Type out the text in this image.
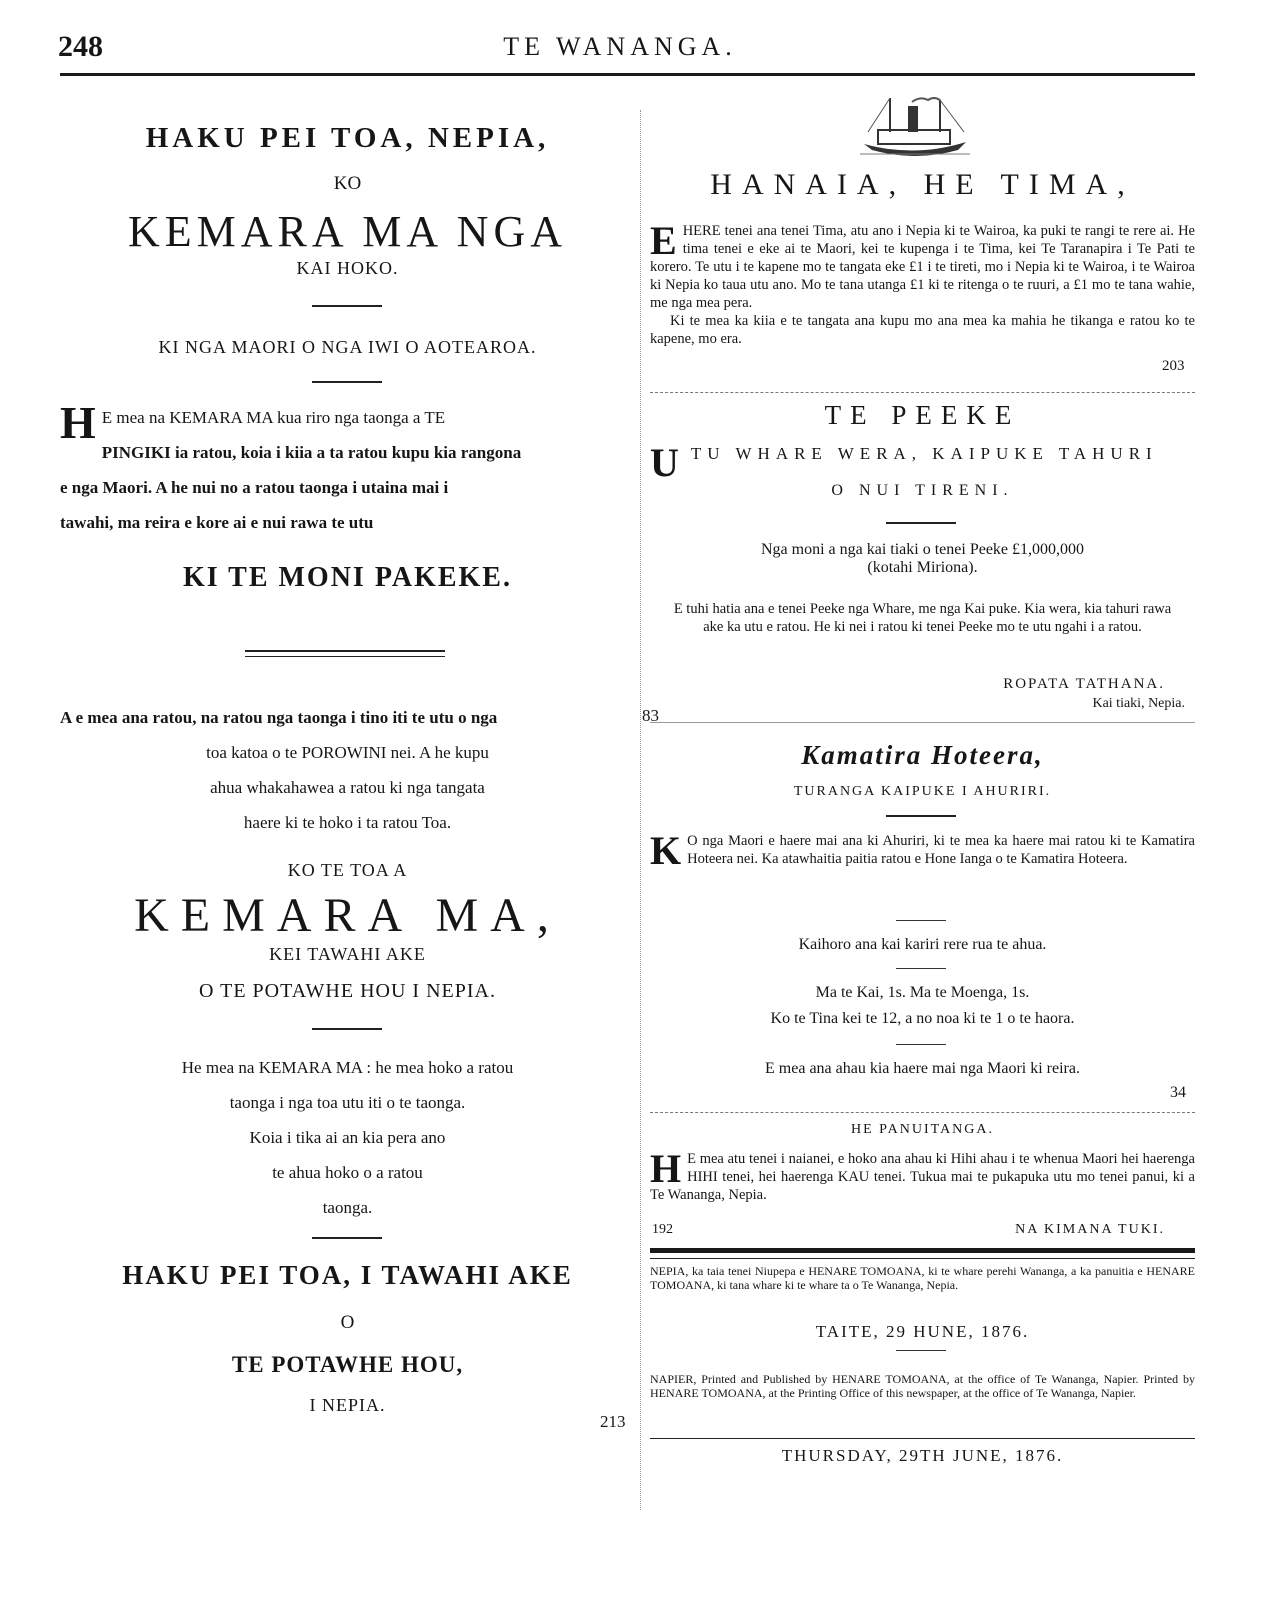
248	TE WANANGA.
HAKU PEI TOA, NEPIA,
KO
KEMARA MA NGA
KAI HOKO.
KI NGA MAORI O NGA IWI O AOTEAROA.
H E mea na KEMARA MA kua riro nga taonga a TE
PINGIKI ia ratou, koia i kiia a ta ratou kupu kia rangona
e nga Maori. A he nui no a ratou taonga i utaina mai i
tawahi, ma reira e kore ai e nui rawa te utu
KI TE MONI PAKEKE.
A e mea ana ratou, na ratou nga taonga i tino iti te utu o nga
toa katoa o te POROWINI nei. A he kupu
ahua whakahawea a ratou ki nga tangata
haere ki te hoko i ta ratou Toa.
83
KO TE TOA A
KEMARA MA,
KEI TAWAHI AKE
O TE POTAWHE HOU I NEPIA.
He mea na KEMARA MA : he mea hoko a ratou
taonga i nga toa utu iti o te taonga.
Koia i tika ai an kia pera ano
te ahua hoko o a ratou
taonga.
HAKU PEI TOA, I TAWAHI AKE
O
TE POTAWHE HOU,
I NEPIA.
213
HANAIA, HE TIMA,
EHERE tenei ana tenei Tima, atu ano i Nepia ki te Wairoa, ka puki te rangi te rere ai. He tima tenei e eke ai te Maori, kei te kupenga i te Tima, kei Te Taranapira i Te Pati te korero. Te utu i te kapene mo te tangata eke £1 i te tireti, mo i Nepia ki te Wairoa, i te Wairoa ki Nepia ko taua utu ano. Mo te tana utanga £1 ki te ritenga o te ruuri, a £1 mo te tana wahie, me nga mea pera.
Ki te mea ka kiia e te tangata ana kupu mo ana mea ka mahia he tikanga e ratou ko te kapene, mo era.
203
TE PEEKE
UTU WHARE WERA, KAIPUKE TAHURI
O NUI TIRENI.
Nga moni a nga kai tiaki o tenei Peeke £1,000,000
(kotahi Miriona).
E tuhi hatia ana e tenei Peeke nga Whare, me nga Kai puke. Kia wera, kia tahuri rawa ake ka utu e ratou. He ki nei i ratou ki tenei Peeke mo te utu ngahi i a ratou.
ROPATA TATHANA.
Kai tiaki, Nepia.
Kamatira Hoteera,
TURANGA KAIPUKE I AHURIRI.
K O nga Maori e haere mai ana ki Ahuriri, ki te mea ka haere mai ratou ki te Kamatira Hoteera nei. Ka atawhaitia paitia ratou e Hone Ianga o te Kamatira Hoteera.
Kaihoro ana kai kariri rere rua te ahua.
Ma te Kai, 1s. Ma te Moenga, 1s.
Ko te Tina kei te 12, a no noa ki te 1 o te haora.
E mea ana ahau kia haere mai nga Maori ki reira.
34
HE PANUITANGA.
H E mea atu tenei i naianei, e hoko ana ahau ki Hihi ahau i te whenua Maori hei haerenga HIHI tenei, hei haerenga KAU tenei. Tukua mai te pukapuka utu mo tenei panui, ki a Te Wananga, Nepia.
192	NA KIMANA TUKI.
NEPIA, ka taia tenei Niupepa e HENARE TOMOANA, ki te whare perehi Wananga, a ka panuitia e HENARE TOMOANA, ki tana whare ki te whare ta o Te Wananga, Nepia.
TAITE, 29 HUNE, 1876.
NAPIER, Printed and Published by HENARE TOMOANA, at the office of Te Wananga, Napier. Printed by HENARE TOMOANA, at the Printing Office of this newspaper, at the office of Te Wananga, Napier.
THURSDAY, 29TH JUNE, 1876.
